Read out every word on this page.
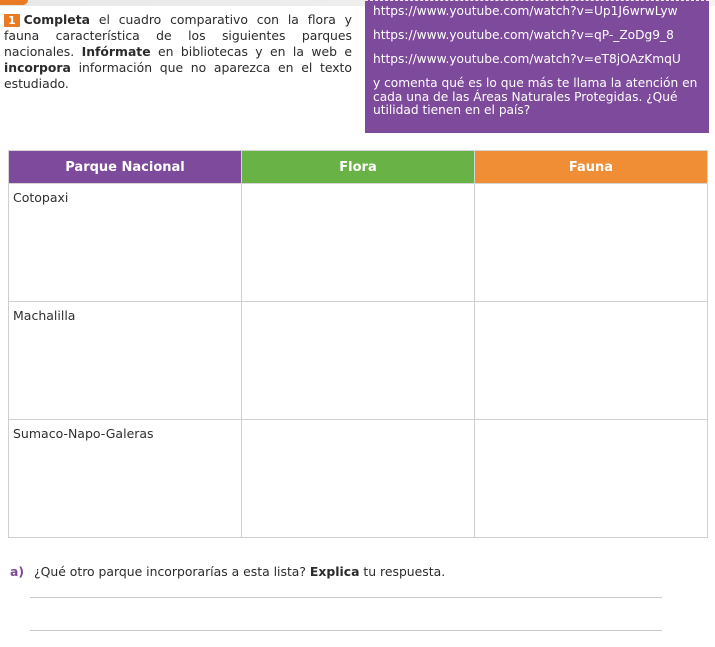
1 Completa el cuadro comparativo con la flora y fauna característica de los siguientes parques nacionales. Infórmate en bibliotecas y en la web e incorpora información que no aparezca en el texto estudiado.
https://www.youtube.com/watch?v=Up1J6wrwLyw
https://www.youtube.com/watch?v=qP-_ZoDg9_8
https://www.youtube.com/watch?v=eT8jOAzKmqU
y comenta qué es lo que más te llama la atención en cada una de las Áreas Naturales Protegidas. ¿Qué utilidad tienen en el país?
Parque Nacional	Flora	Fauna
Cotopaxi		
Machalilla		
Sumaco-Napo-Galeras		
a) ¿Qué otro parque incorporarías a esta lista? Explica tu respuesta.
